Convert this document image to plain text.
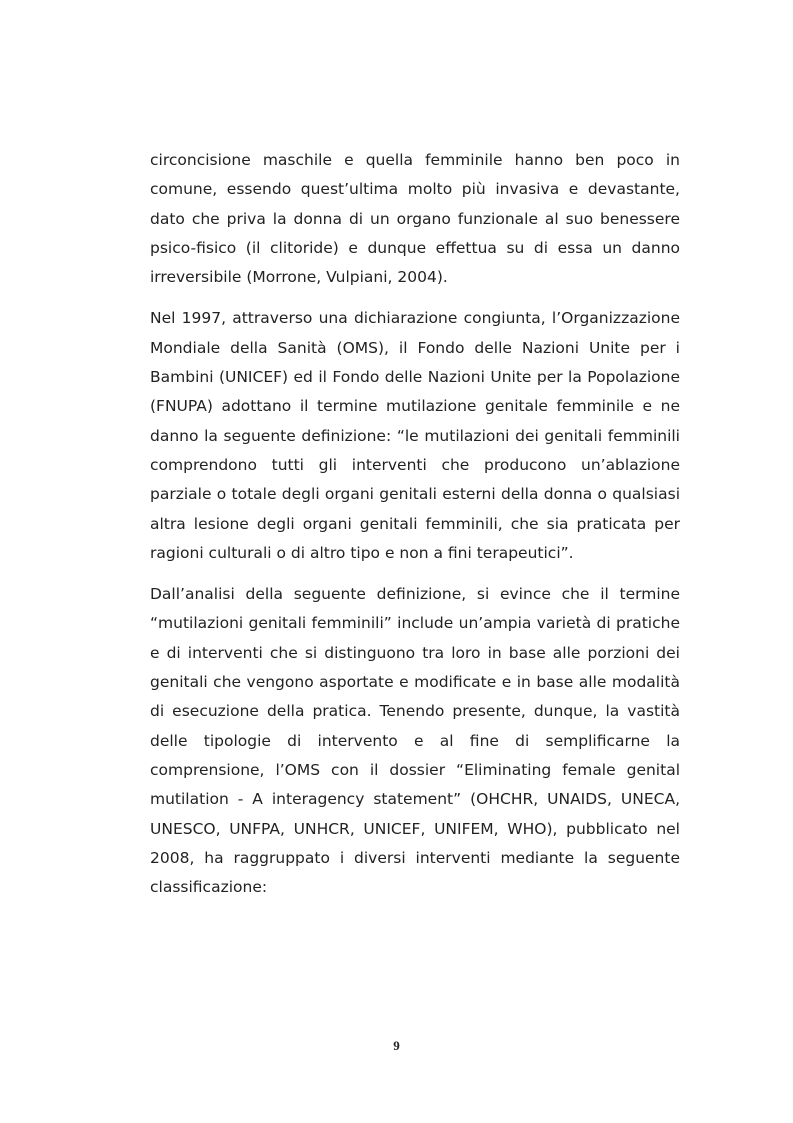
circoncisione maschile e quella femminile hanno ben poco in comune, essendo quest’ultima molto più invasiva e devastante, dato che priva la donna di un organo funzionale al suo benessere psico-fisico (il clitoride) e dunque effettua su di essa un danno irreversibile (Morrone, Vulpiani, 2004).

Nel 1997, attraverso una dichiarazione congiunta, l’Organizzazione Mondiale della Sanità (OMS), il Fondo delle Nazioni Unite per i Bambini (UNICEF) ed il Fondo delle Nazioni Unite per la Popolazione (FNUPA) adottano il termine mutilazione genitale femminile e ne danno la seguente definizione: “le mutilazioni dei genitali femminili comprendono tutti gli interventi che producono un’ablazione parziale o totale degli organi genitali esterni della donna o qualsiasi altra lesione degli organi genitali femminili, che sia praticata per ragioni culturali o di altro tipo e non a fini terapeutici”.

Dall’analisi della seguente definizione, si evince che il termine “mutilazioni genitali femminili” include un’ampia varietà di pratiche e di interventi che si distinguono tra loro in base alle porzioni dei genitali che vengono asportate e modificate e in base alle modalità di esecuzione della pratica. Tenendo presente, dunque, la vastità delle tipologie di intervento e al fine di semplificarne la comprensione, l’OMS con il dossier “Eliminating female genital mutilation - A interagency statement” (OHCHR, UNAIDS, UNECA, UNESCO, UNFPA, UNHCR, UNICEF, UNIFEM, WHO), pubblicato nel 2008, ha raggruppato i diversi interventi mediante la seguente classificazione:

9
